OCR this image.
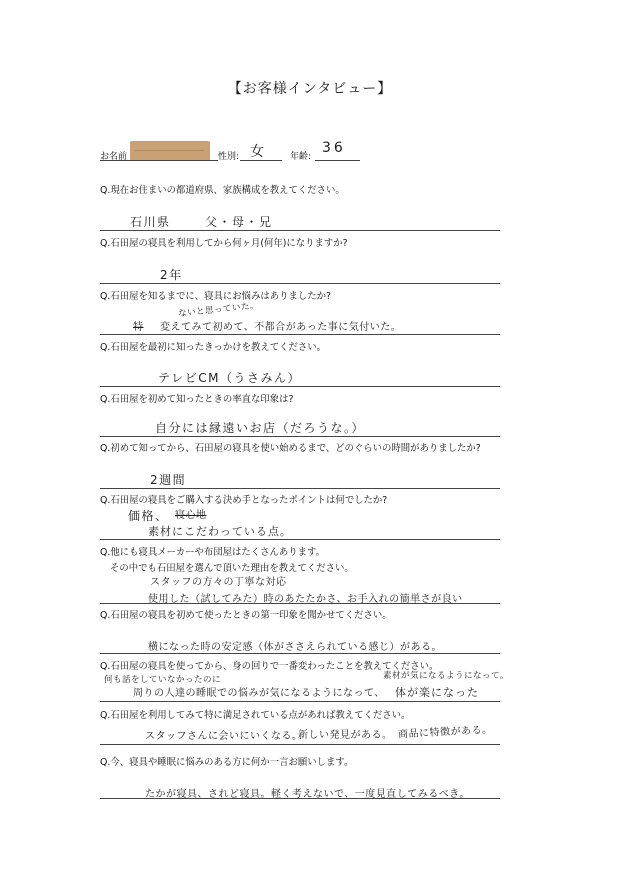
【お客様インタビュー】
お名前	性別: 女	年齢:
36
Q.現在お住まいの都道府県、家族構成を教えてください。
石川県	父・母・兄
Q.石田屋の寝具を利用してから何ヶ月(何年)になりますか?
2年
Q.石田屋を知るまでに、寝具にお悩みはありましたか?
特
ないと思っていた。
変えてみて初めて、不都合があった事に気付いた。
Q.石田屋を最初に知ったきっかけを教えてください。
テレビCM（うさみん）
Q.石田屋を初めて知ったときの率直な印象は?
自分には縁遠いお店（だろうな。）
Q.初めて知ってから、石田屋の寝具を使い始めるまで、どのぐらいの時間がありましたか?
2週間
Q.石田屋の寝具をご購入する決め手となったポイントは何でしたか?
価格、 寝心地
素材にこだわっている点。
Q.他にも寝具メーカーや布団屋はたくさんあります。
その中でも石田屋を選んで頂いた理由を教えてください。
スタッフの方々の丁寧な対応
使用した（試してみた）時のあたたかさ、お手入れの簡単さが良い
Q.石田屋の寝具を初めて使ったときの第一印象を聞かせてください。
横になった時の安定感（体がささえられている感じ）がある。
Q.石田屋の寝具を使ってから、身の回りで一番変わったことを教えてください。
何も話をしていなかったのに
周りの人達の睡眠での悩みが気になるようになって、
素材が気になるようになって。
体が楽になった
Q.石田屋を利用してみて特に満足されている点があれば教えてください。
スタッフさんに会いにいくなる。
新しい発見がある。 商品に特徴がある。
Q.今、寝具や睡眠に悩みのある方に何か一言お願いします。
たかが寝具、されど寝具。軽く考えないで、一度見直してみるべき。
